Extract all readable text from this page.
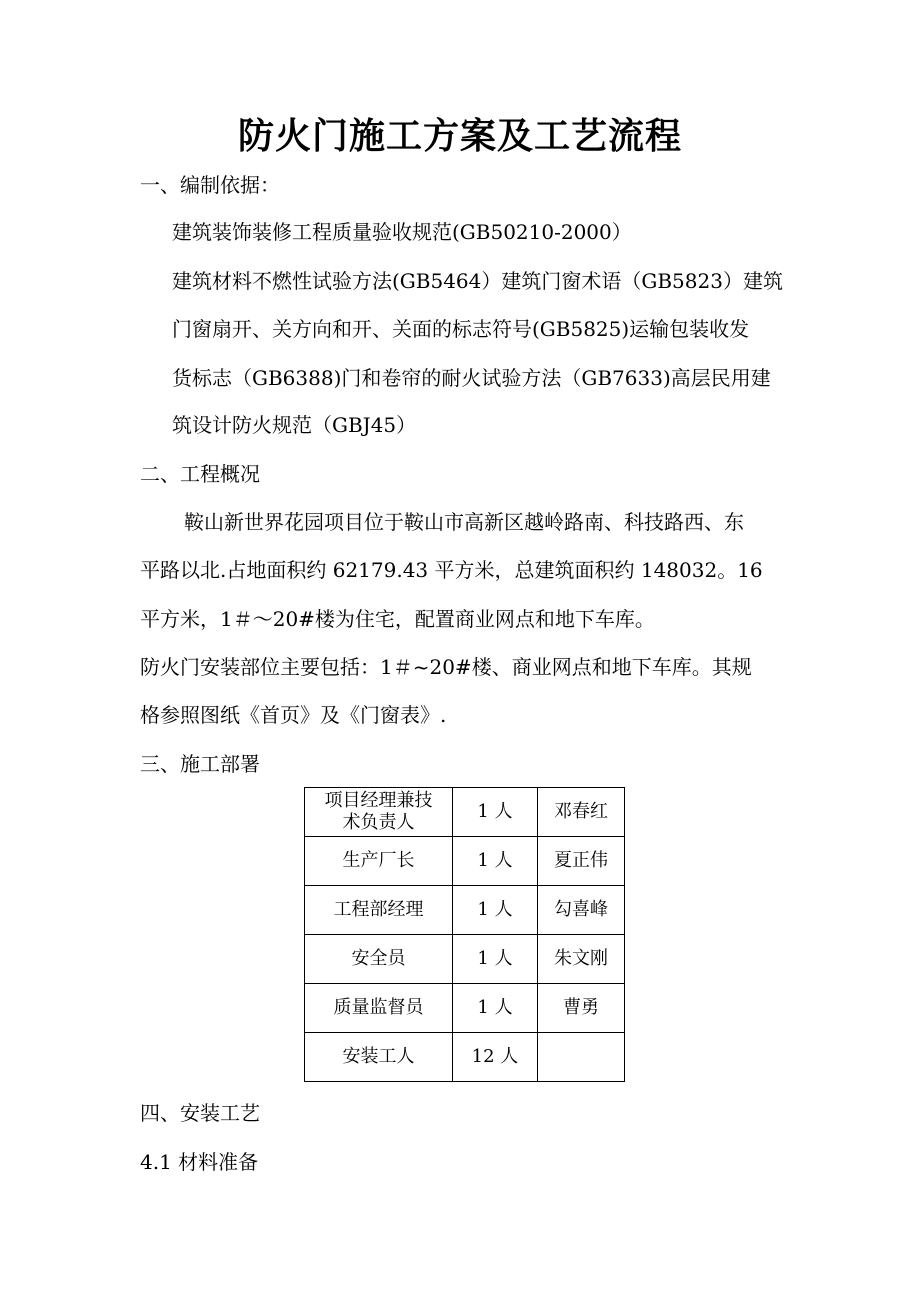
防火门施工方案及工艺流程
一、编制依据：
建筑装饰装修工程质量验收规范(GB50210-2000）
建筑材料不燃性试验方法(GB5464）建筑门窗术语（GB5823）建筑
门窗扇开、关方向和开、关面的标志符号(GB5825)运输包装收发
货标志（GB6388)门和卷帘的耐火试验方法（GB7633)高层民用建
筑设计防火规范（GBJ45）
二、工程概况
鞍山新世界花园项目位于鞍山市高新区越岭路南、科技路西、东
平路以北.占地面积约 62179.43 平方米，总建筑面积约 148032。16
平方米，1＃～20#楼为住宅，配置商业网点和地下车库。
防火门安装部位主要包括：1＃~20#楼、商业网点和地下车库。其规
格参照图纸《首页》及《门窗表》.
三、施工部署
项目经理兼技术负责人	1 人	邓春红
生产厂长	1 人	夏正伟
工程部经理	1 人	勾喜峰
安全员	1 人	朱文刚
质量监督员	1 人	曹勇
安装工人	12 人	
四、安装工艺
4.1 材料准备
